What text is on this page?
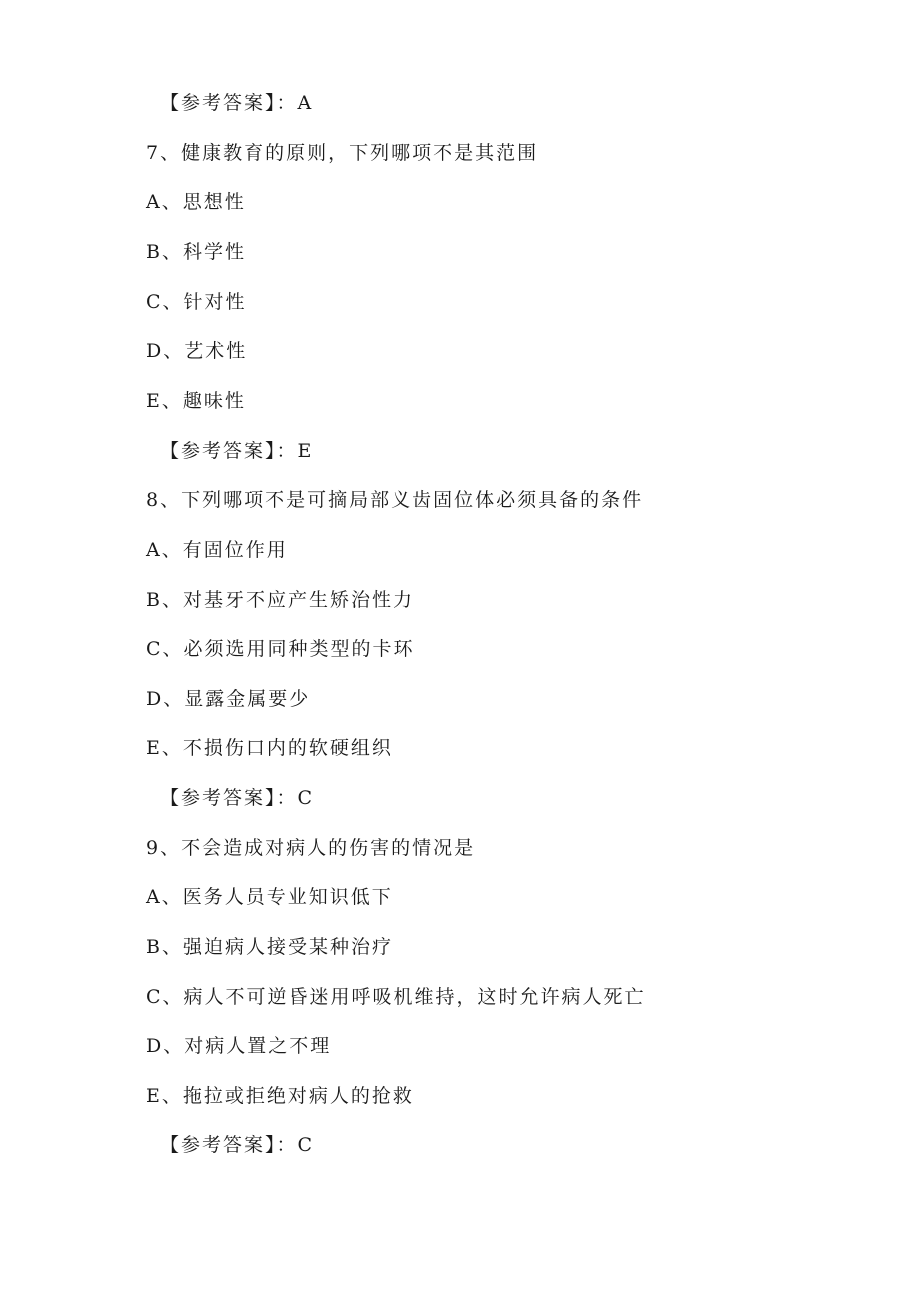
【参考答案】：A
7、健康教育的原则，下列哪项不是其范围
A、思想性
B、科学性
C、针对性
D、艺术性
E、趣味性
【参考答案】：E
8、下列哪项不是可摘局部义齿固位体必须具备的条件
A、有固位作用
B、对基牙不应产生矫治性力
C、必须选用同种类型的卡环
D、显露金属要少
E、不损伤口内的软硬组织
【参考答案】：C
9、不会造成对病人的伤害的情况是
A、医务人员专业知识低下
B、强迫病人接受某种治疗
C、病人不可逆昏迷用呼吸机维持，这时允许病人死亡
D、对病人置之不理
E、拖拉或拒绝对病人的抢救
【参考答案】：C
